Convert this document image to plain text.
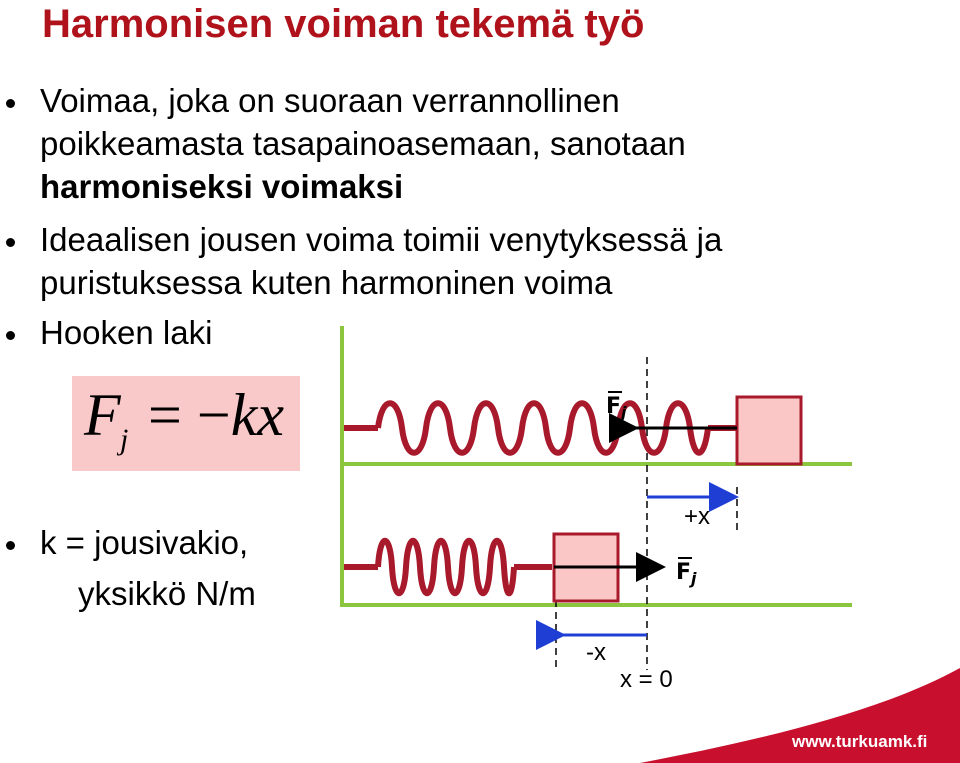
Harmonisen voiman tekemä työ
Voimaa, joka on suoraan verrannollinen
poikkeamasta tasapainoasemaan, sanotaan
harmoniseksi voimaksi
Ideaalisen jousen voima toimii venytyksessä ja
puristuksessa kuten harmoninen voima
Hooken laki
F j = −kx
k = jousivakio,
yksikkö N/m
$F_j$
$F_j$
+x
-x
x = 0
www.turkuamk.fi
